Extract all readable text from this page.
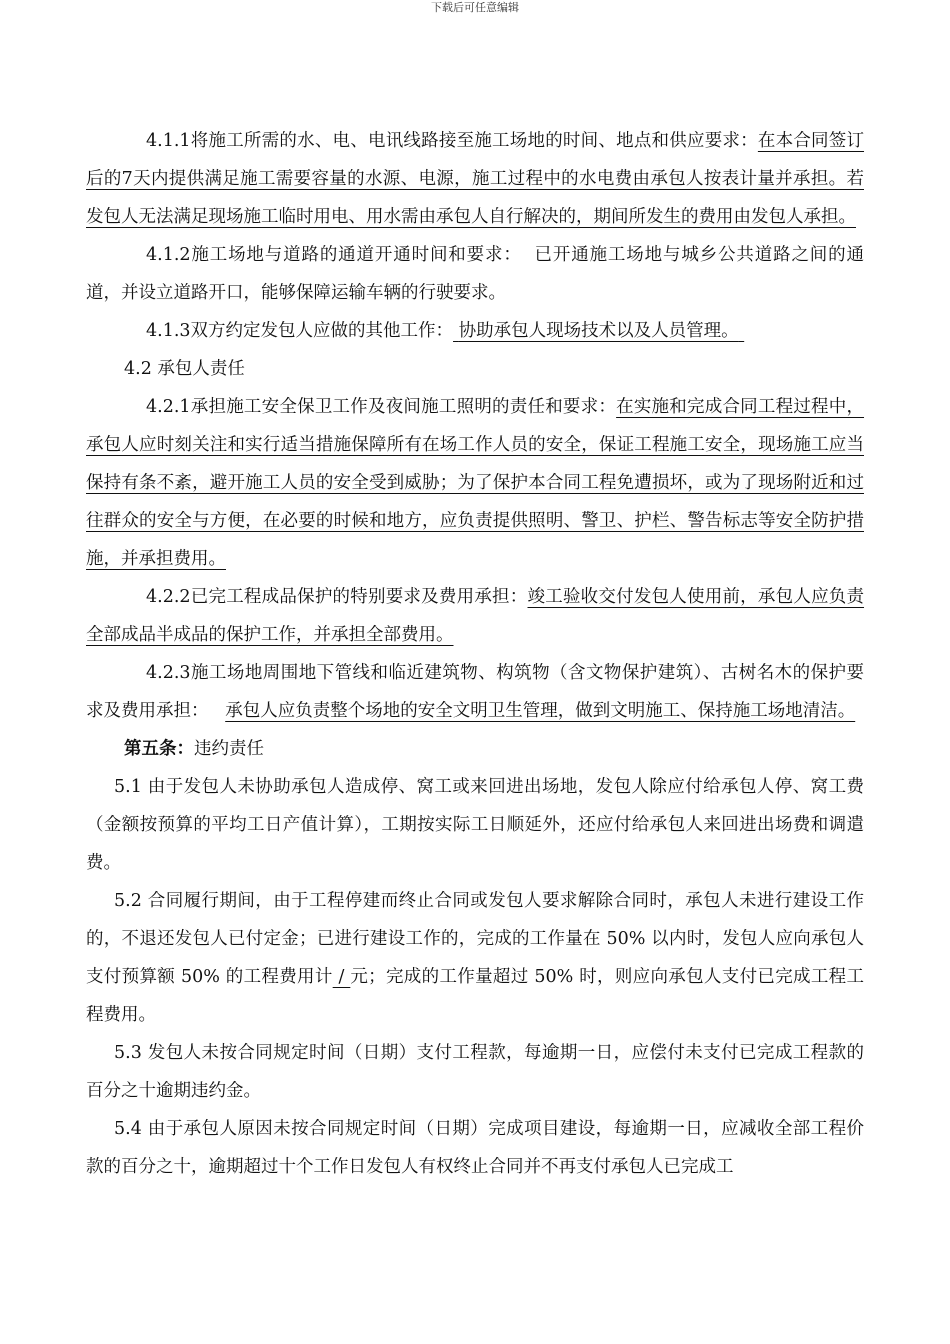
下载后可任意编辑

4.1.1将施工所需的水、电、电讯线路接至施工场地的时间、地点和供应要求：在本合同签订后的7天内提供满足施工需要容量的水源、电源，施工过程中的水电费由承包人按表计量并承担。若发包人无法满足现场施工临时用电、用水需由承包人自行解决的，期间所发生的费用由发包人承担。

4.1.2施工场地与道路的通道开通时间和要求： 已开通施工场地与城乡公共道路之间的通道，并设立道路开口，能够保障运输车辆的行驶要求。

4.1.3双方约定发包人应做的其他工作： 协助承包人现场技术以及人员管理。

4.2 承包人责任

4.2.1承担施工安全保卫工作及夜间施工照明的责任和要求：在实施和完成合同工程过程中，承包人应时刻关注和实行适当措施保障所有在场工作人员的安全，保证工程施工安全，现场施工应当保持有条不紊，避开施工人员的安全受到威胁；为了保护本合同工程免遭损坏，或为了现场附近和过往群众的安全与方便，在必要的时候和地方，应负责提供照明、警卫、护栏、警告标志等安全防护措施，并承担费用。

4.2.2已完工程成品保护的特别要求及费用承担：竣工验收交付发包人使用前，承包人应负责全部成品半成品的保护工作，并承担全部费用。

4.2.3施工场地周围地下管线和临近建筑物、构筑物（含文物保护建筑）、古树名木的保护要求及费用承担： 承包人应负责整个场地的安全文明卫生管理，做到文明施工、保持施工场地清洁。

第五条：违约责任

5.1 由于发包人未协助承包人造成停、窝工或来回进出场地，发包人除应付给承包人停、窝工费（金额按预算的平均工日产值计算），工期按实际工日顺延外，还应付给承包人来回进出场费和调遣费。

5.2 合同履行期间，由于工程停建而终止合同或发包人要求解除合同时，承包人未进行建设工作的，不退还发包人已付定金；已进行建设工作的，完成的工作量在 50% 以内时，发包人应向承包人支付预算额 50% 的工程费用计 / 元；完成的工作量超过 50% 时，则应向承包人支付已完成工程工程费用。

5.3 发包人未按合同规定时间（日期）支付工程款，每逾期一日，应偿付未支付已完成工程款的百分之十逾期违约金。

5.4 由于承包人原因未按合同规定时间（日期）完成项目建设，每逾期一日，应减收全部工程价款的百分之十，逾期超过十个工作日发包人有权终止合同并不再支付承包人已完成工
